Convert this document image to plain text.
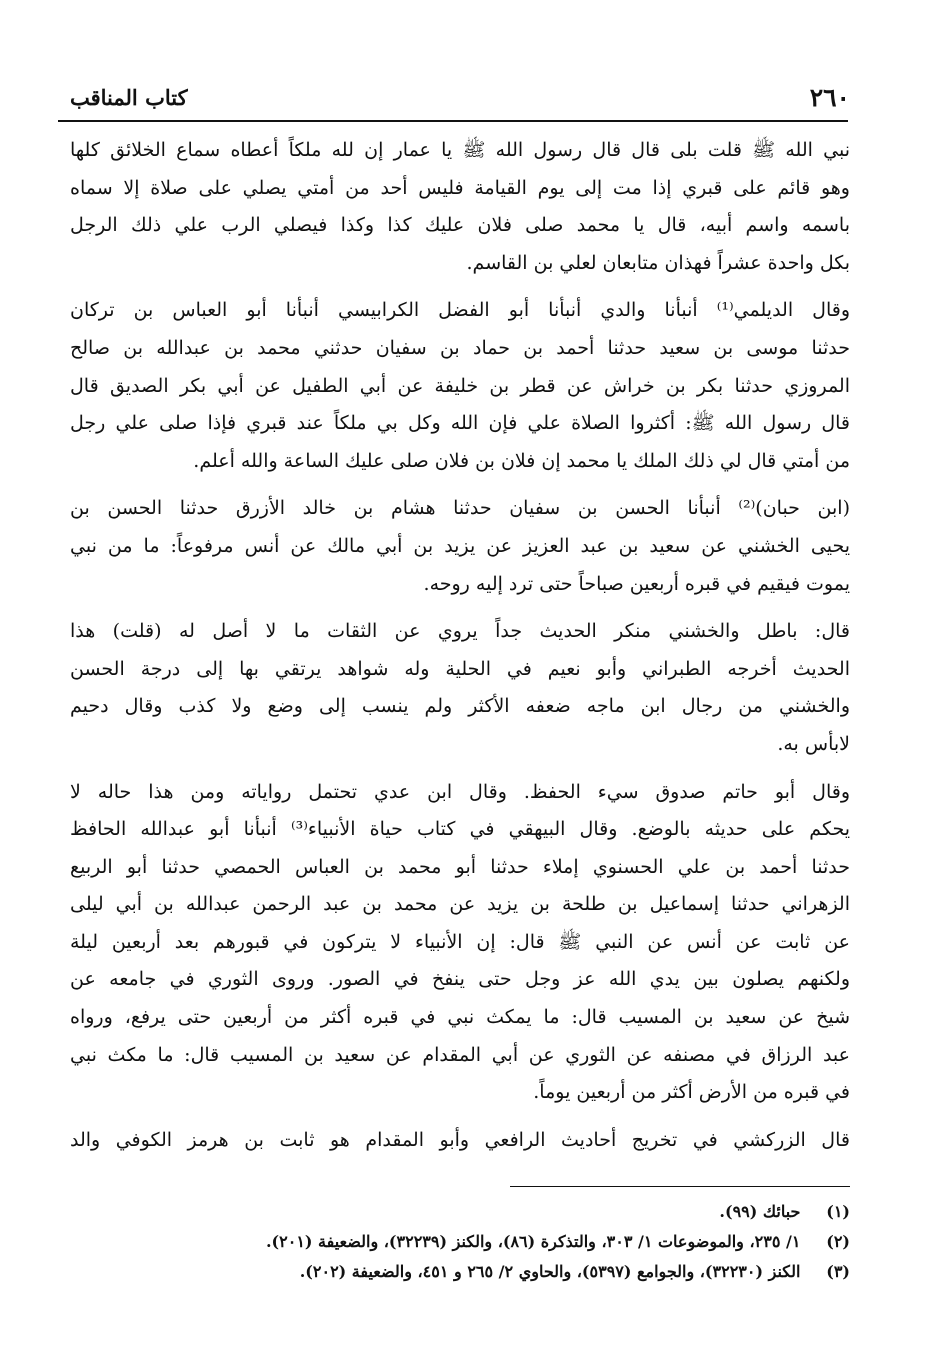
٢٦٠
كتاب المناقب
نبي الله ﷺ قلت بلى قال قال رسول الله ﷺ يا عمار إن لله ملكاً أعطاه سماع الخلائق كلها
وهو قائم على قبري إذا مت إلى يوم القيامة فليس أحد من أمتي يصلي على صلاة إلا سماه
باسمه واسم أبيه، قال يا محمد صلى فلان عليك كذا وكذا فيصلي الرب علي ذلك الرجل
بكل واحدة عشراً فهذان متابعان لعلي بن القاسم.
وقال الديلمي⁽¹⁾ أنبأنا والدي أنبأنا أبو الفضل الكرابيسي أنبأنا أبو العباس بن تركان
حدثنا موسى بن سعيد حدثنا أحمد بن حماد بن سفيان حدثني محمد بن عبدالله بن صالح
المروزي حدثنا بكر بن خراش عن قطر بن خليفة عن أبي الطفيل عن أبي بكر الصديق قال
قال رسول الله ﷺ: أكثروا الصلاة علي فإن الله وكل بي ملكاً عند قبري فإذا صلى علي رجل
من أمتي قال لي ذلك الملك يا محمد إن فلان بن فلان صلى عليك الساعة والله أعلم.
(ابن حبان)⁽²⁾ أنبأنا الحسن بن سفيان حدثنا هشام بن خالد الأزرق حدثنا الحسن بن
يحيى الخشني عن سعيد بن عبد العزيز عن يزيد بن أبي مالك عن أنس مرفوعاً: ما من نبي
يموت فيقيم في قبره أربعين صباحاً حتى ترد إليه روحه.
قال: باطل والخشني منكر الحديث جداً يروي عن الثقات ما لا أصل له (قلت) هذا
الحديث أخرجه الطبراني وأبو نعيم في الحلية وله شواهد يرتقي بها إلى درجة الحسن
والخشني من رجال ابن ماجه ضعفه الأكثر ولم ينسب إلى وضع ولا كذب وقال دحيم
لابأس به.
وقال أبو حاتم صدوق سيء الحفظ. وقال ابن عدي تحتمل رواياته ومن هذا حاله لا
يحكم على حديثه بالوضع. وقال البيهقي في كتاب حياة الأنبياء⁽³⁾ أنبأنا أبو عبدالله الحافظ
حدثنا أحمد بن علي الحسنوي إملاء حدثنا أبو محمد بن العباس الحمصي حدثنا أبو الربيع
الزهراني حدثنا إسماعيل بن طلحة بن يزيد عن محمد بن عبد الرحمن عبدالله بن أبي ليلى
عن ثابت عن أنس عن النبي ﷺ قال: إن الأنبياء لا يتركون في قبورهم بعد أربعين ليلة
ولكنهم يصلون بين يدي الله عز وجل حتى ينفخ في الصور. وروى الثوري في جامعه عن
شيخ عن سعيد بن المسيب قال: ما يمكث نبي في قبره أكثر من أربعين حتى يرفع، ورواه
عبد الرزاق في مصنفه عن الثوري عن أبي المقدام عن سعيد بن المسيب قال: ما مكث نبي
في قبره من الأرض أكثر من أربعين يوماً.
قال الزركشي في تخريج أحاديث الرافعي وأبو المقدام هو ثابت بن هرمز الكوفي والد
(١) حبائك (٩٩).
(٢) ١/ ٢٣٥، والموضوعات ١/ ٣٠٣، والتذكرة (٨٦)، والكنز (٣٢٢٣٩)، والضعيفة (٢٠١).
(٣) الكنز (٣٢٢٣٠)، والجوامع (٥٣٩٧)، والحاوي ٢/ ٢٦٥ و ٤٥١، والضعيفة (٢٠٢).
